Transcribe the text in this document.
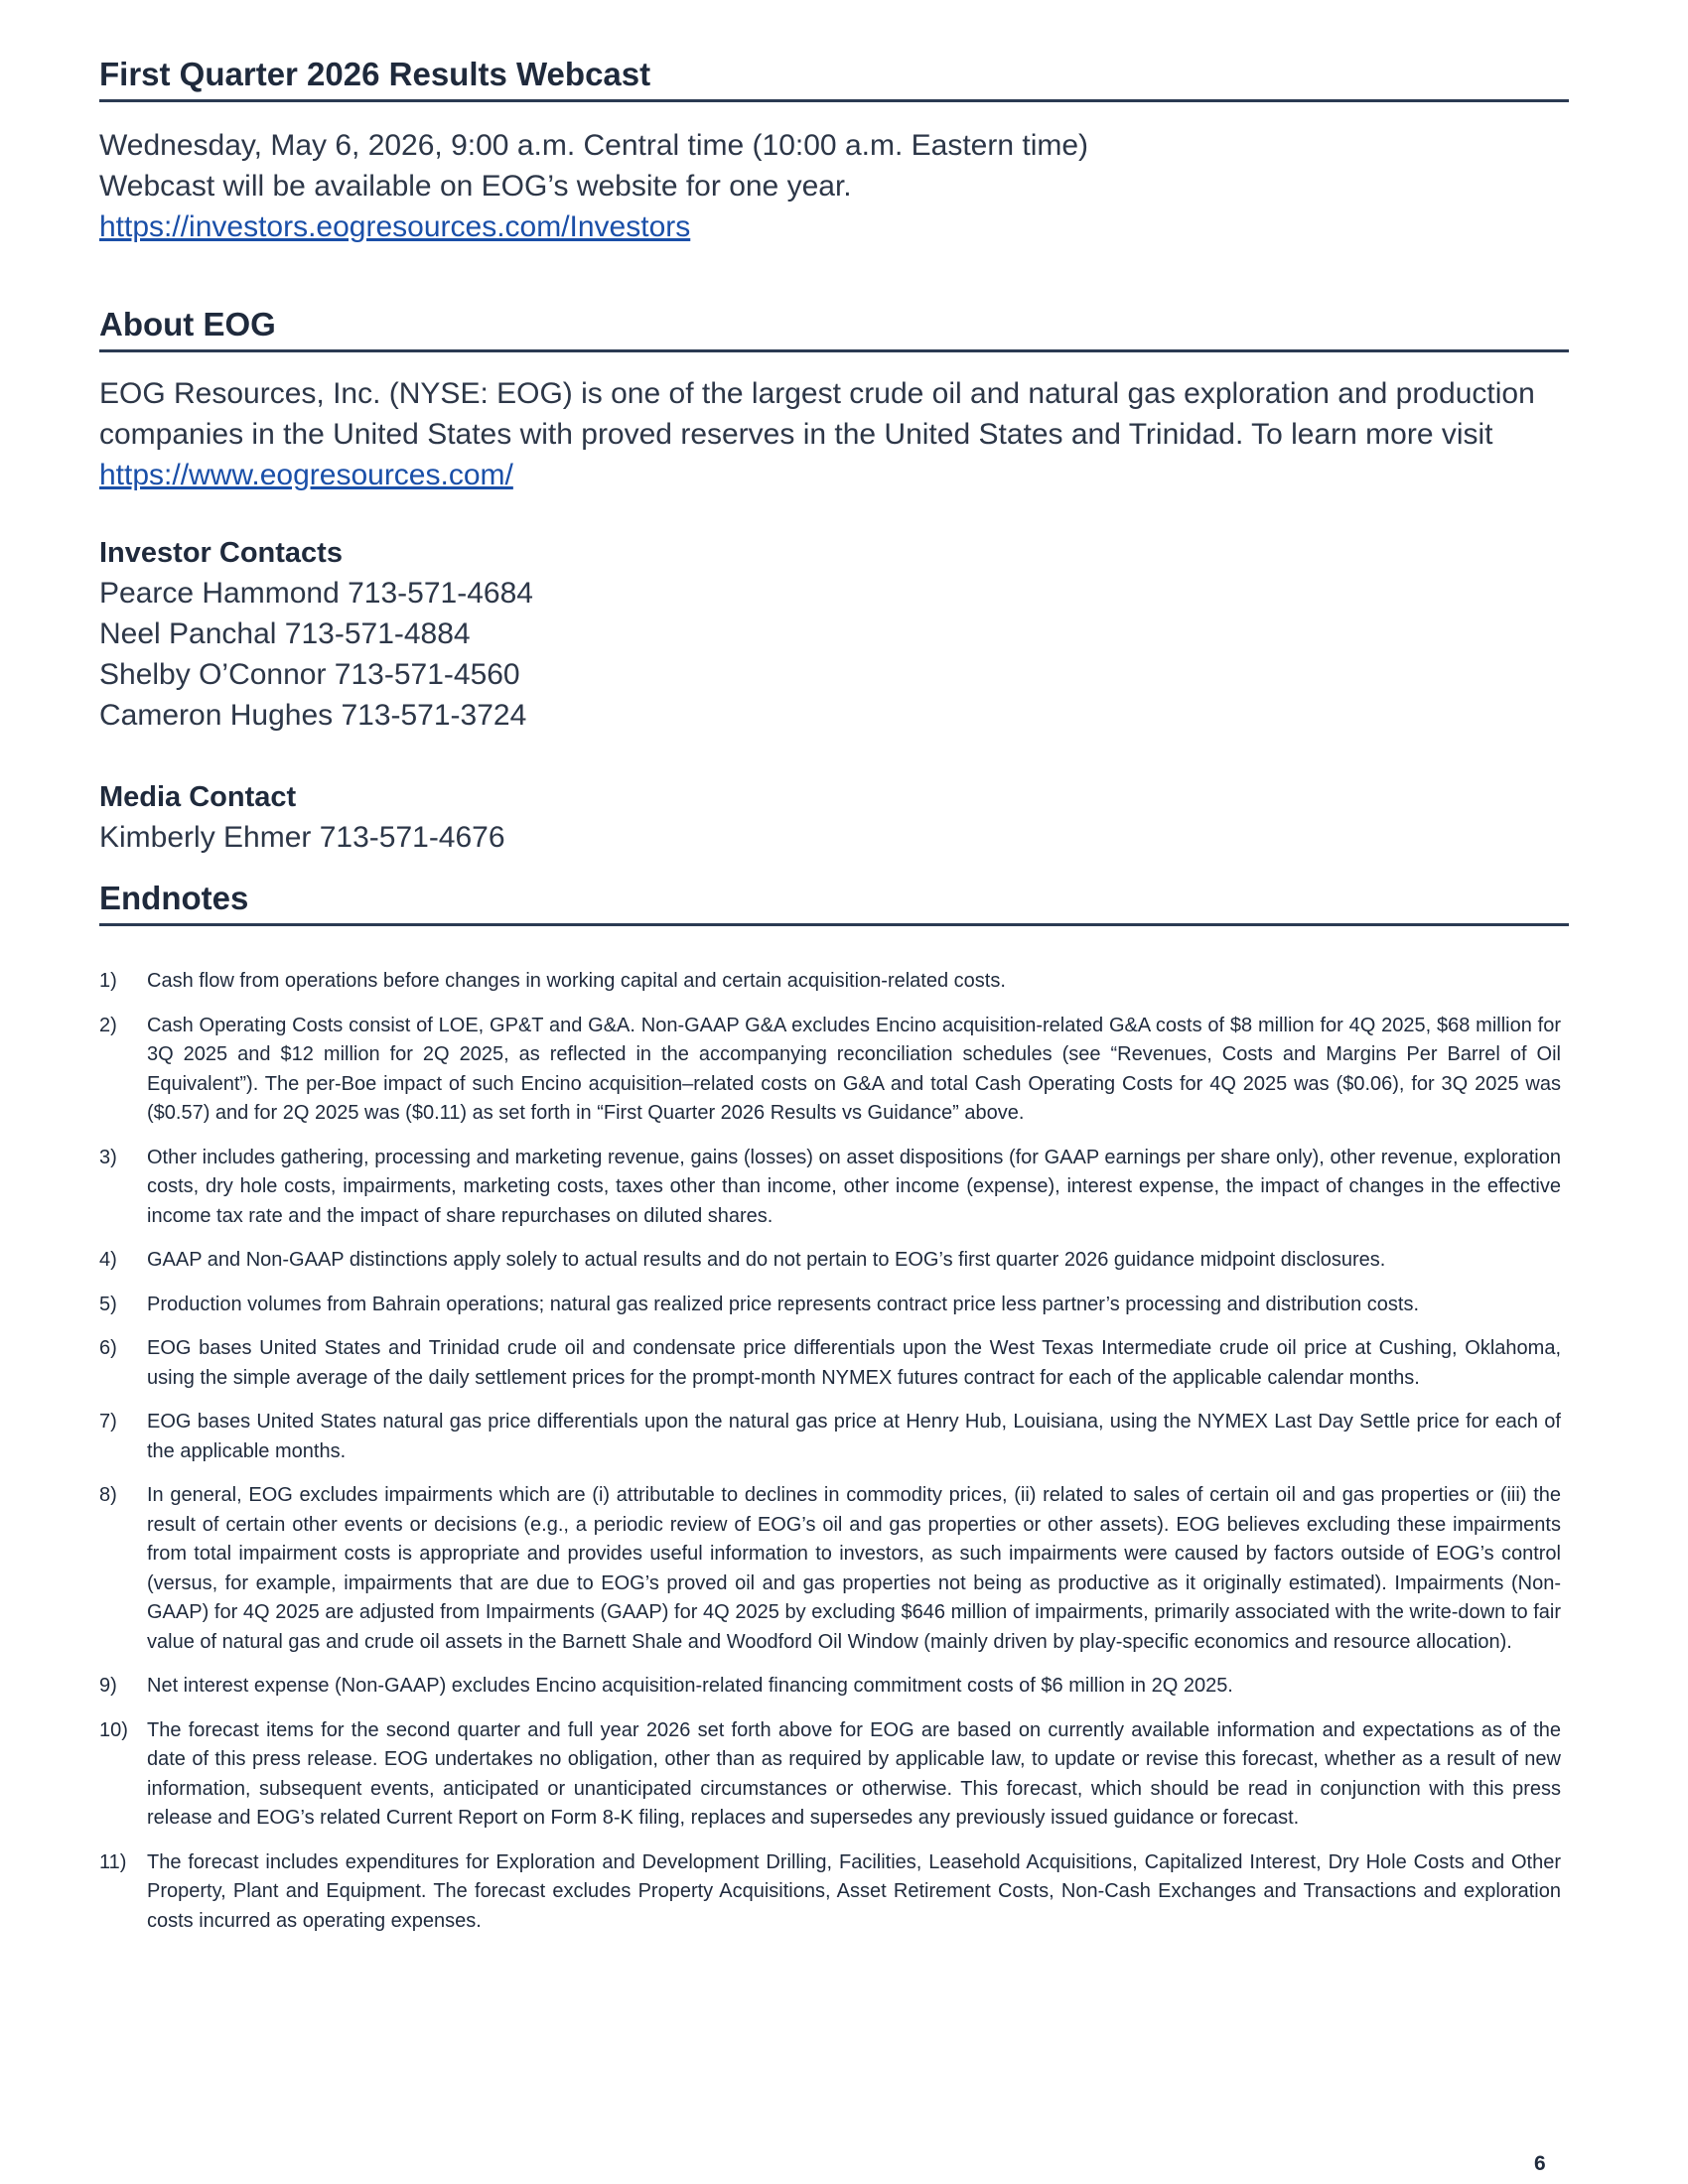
First Quarter 2026 Results Webcast
Wednesday, May 6, 2026, 9:00 a.m. Central time (10:00 a.m. Eastern time)
Webcast will be available on EOG’s website for one year.
https://investors.eogresources.com/Investors
About EOG
EOG Resources, Inc. (NYSE: EOG) is one of the largest crude oil and natural gas exploration and production companies in the United States with proved reserves in the United States and Trinidad. To learn more visit
https://www.eogresources.com/
Investor Contacts
Pearce Hammond 713-571-4684
Neel Panchal 713-571-4884
Shelby O’Connor 713-571-4560
Cameron Hughes 713-571-3724
Media Contact
Kimberly Ehmer 713-571-4676
Endnotes
1)	Cash flow from operations before changes in working capital and certain acquisition-related costs.
2)	Cash Operating Costs consist of LOE, GP&T and G&A. Non-GAAP G&A excludes Encino acquisition-related G&A costs of $8 million for 4Q 2025, $68 million for 3Q 2025 and $12 million for 2Q 2025, as reflected in the accompanying reconciliation schedules (see “Revenues, Costs and Margins Per Barrel of Oil Equivalent”). The per-Boe impact of such Encino acquisition–related costs on G&A and total Cash Operating Costs for 4Q 2025 was ($0.06), for 3Q 2025 was ($0.57) and for 2Q 2025 was ($0.11) as set forth in “First Quarter 2026 Results vs Guidance” above.
3)	Other includes gathering, processing and marketing revenue, gains (losses) on asset dispositions (for GAAP earnings per share only), other revenue, exploration costs, dry hole costs, impairments, marketing costs, taxes other than income, other income (expense), interest expense, the impact of changes in the effective income tax rate and the impact of share repurchases on diluted shares.
4)	GAAP and Non-GAAP distinctions apply solely to actual results and do not pertain to EOG’s first quarter 2026 guidance midpoint disclosures.
5)	Production volumes from Bahrain operations; natural gas realized price represents contract price less partner’s processing and distribution costs.
6)	EOG bases United States and Trinidad crude oil and condensate price differentials upon the West Texas Intermediate crude oil price at Cushing, Oklahoma, using the simple average of the daily settlement prices for the prompt-month NYMEX futures contract for each of the applicable calendar months.
7)	EOG bases United States natural gas price differentials upon the natural gas price at Henry Hub, Louisiana, using the NYMEX Last Day Settle price for each of the applicable months.
8)	In general, EOG excludes impairments which are (i) attributable to declines in commodity prices, (ii) related to sales of certain oil and gas properties or (iii) the result of certain other events or decisions (e.g., a periodic review of EOG’s oil and gas properties or other assets). EOG believes excluding these impairments from total impairment costs is appropriate and provides useful information to investors, as such impairments were caused by factors outside of EOG’s control (versus, for example, impairments that are due to EOG’s proved oil and gas properties not being as productive as it originally estimated). Impairments (Non-GAAP) for 4Q 2025 are adjusted from Impairments (GAAP) for 4Q 2025 by excluding $646 million of impairments, primarily associated with the write-down to fair value of natural gas and crude oil assets in the Barnett Shale and Woodford Oil Window (mainly driven by play-specific economics and resource allocation).
9)	Net interest expense (Non-GAAP) excludes Encino acquisition-related financing commitment costs of $6 million in 2Q 2025.
10) The forecast items for the second quarter and full year 2026 set forth above for EOG are based on currently available information and expectations as of the date of this press release. EOG undertakes no obligation, other than as required by applicable law, to update or revise this forecast, whether as a result of new information, subsequent events, anticipated or unanticipated circumstances or otherwise. This forecast, which should be read in conjunction with this press release and EOG’s related Current Report on Form 8-K filing, replaces and supersedes any previously issued guidance or forecast.
11)	The forecast includes expenditures for Exploration and Development Drilling, Facilities, Leasehold Acquisitions, Capitalized Interest, Dry Hole Costs and Other Property, Plant and Equipment. The forecast excludes Property Acquisitions, Asset Retirement Costs, Non-Cash Exchanges and Transactions and exploration costs incurred as operating expenses.
6
